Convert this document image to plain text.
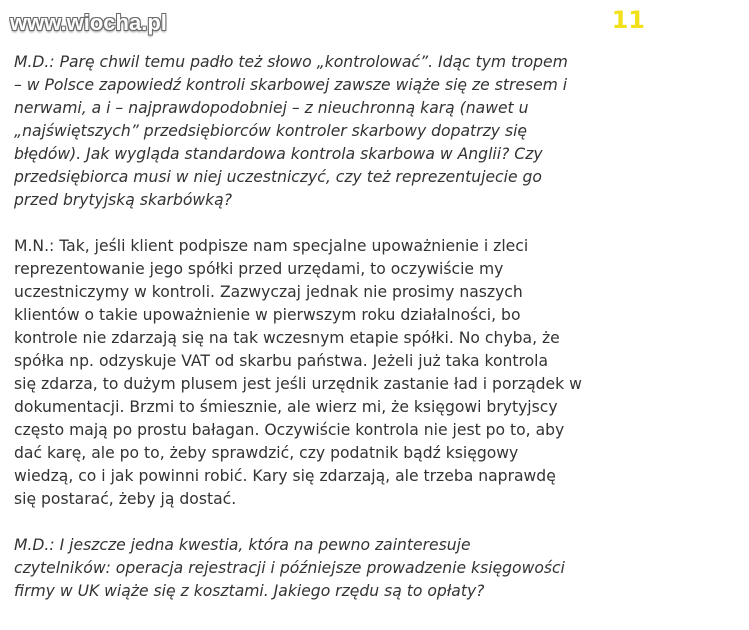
www.wiocha.pl	11
M.D.: Parę chwil temu padło też słowo „kontrolować”. Idąc tym tropem
– w Polsce zapowiedź kontroli skarbowej zawsze wiąże się ze stresem i
nerwami, a i – najprawdopodobniej – z nieuchronną karą (nawet u
„najświętszych” przedsiębiorców kontroler skarbowy dopatrzy się
błędów). Jak wygląda standardowa kontrola skarbowa w Anglii? Czy
przedsiębiorca musi w niej uczestniczyć, czy też reprezentujecie go
przed brytyjską skarbówką?
M.N.: Tak, jeśli klient podpisze nam specjalne upoważnienie i zleci
reprezentowanie jego spółki przed urzędami, to oczywiście my
uczestniczymy w kontroli. Zazwyczaj jednak nie prosimy naszych
klientów o takie upoważnienie w pierwszym roku działalności, bo
kontrole nie zdarzają się na tak wczesnym etapie spółki. No chyba, że
spółka np. odzyskuje VAT od skarbu państwa. Jeżeli już taka kontrola
się zdarza, to dużym plusem jest jeśli urzędnik zastanie ład i porządek w
dokumentacji. Brzmi to śmiesznie, ale wierz mi, że księgowi brytyjscy
często mają po prostu bałagan. Oczywiście kontrola nie jest po to, aby
dać karę, ale po to, żeby sprawdzić, czy podatnik bądź księgowy
wiedzą, co i jak powinni robić. Kary się zdarzają, ale trzeba naprawdę
się postarać, żeby ją dostać.
M.D.: I jeszcze jedna kwestia, która na pewno zainteresuje
czytelników: operacja rejestracji i późniejsze prowadzenie księgowości
firmy w UK wiąże się z kosztami. Jakiego rzędu są to opłaty?
